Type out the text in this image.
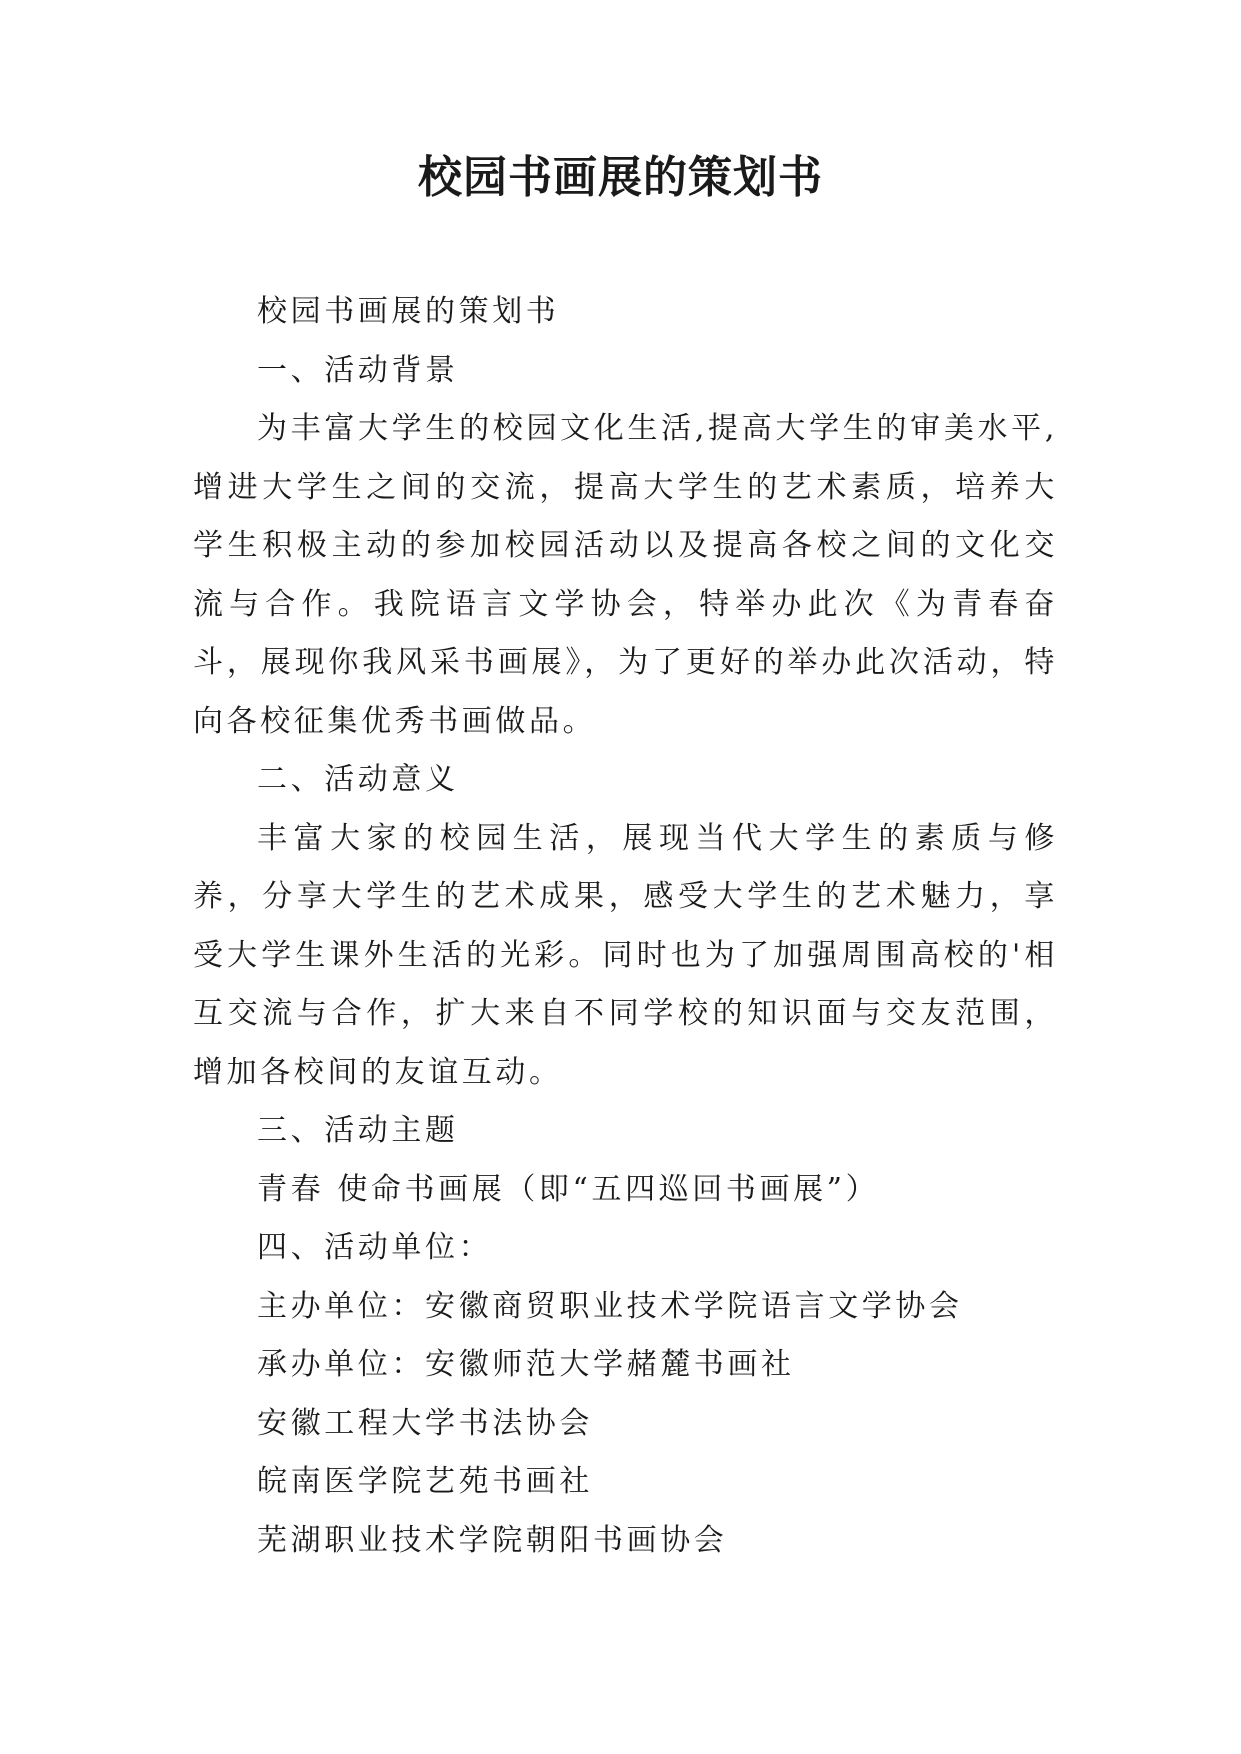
校园书画展的策划书

校园书画展的策划书

一、活动背景

为丰富大学生的校园文化生活,提高大学生的审美水平,增进大学生之间的交流，提高大学生的艺术素质，培养大学生积极主动的参加校园活动以及提高各校之间的文化交流与合作。我院语言文学协会，特举办此次《为青春奋斗，展现你我风采书画展》，为了更好的举办此次活动，特向各校征集优秀书画做品。

二、活动意义

丰富大家的校园生活，展现当代大学生的素质与修养，分享大学生的艺术成果，感受大学生的艺术魅力，享受大学生课外生活的光彩。同时也为了加强周围高校的'相互交流与合作，扩大来自不同学校的知识面与交友范围，增加各校间的友谊互动。

三、活动主题

青春 使命书画展（即“五四巡回书画展”）

四、活动单位：

主办单位：安徽商贸职业技术学院语言文学协会

承办单位：安徽师范大学赭麓书画社

安徽工程大学书法协会

皖南医学院艺苑书画社

芜湖职业技术学院朝阳书画协会
